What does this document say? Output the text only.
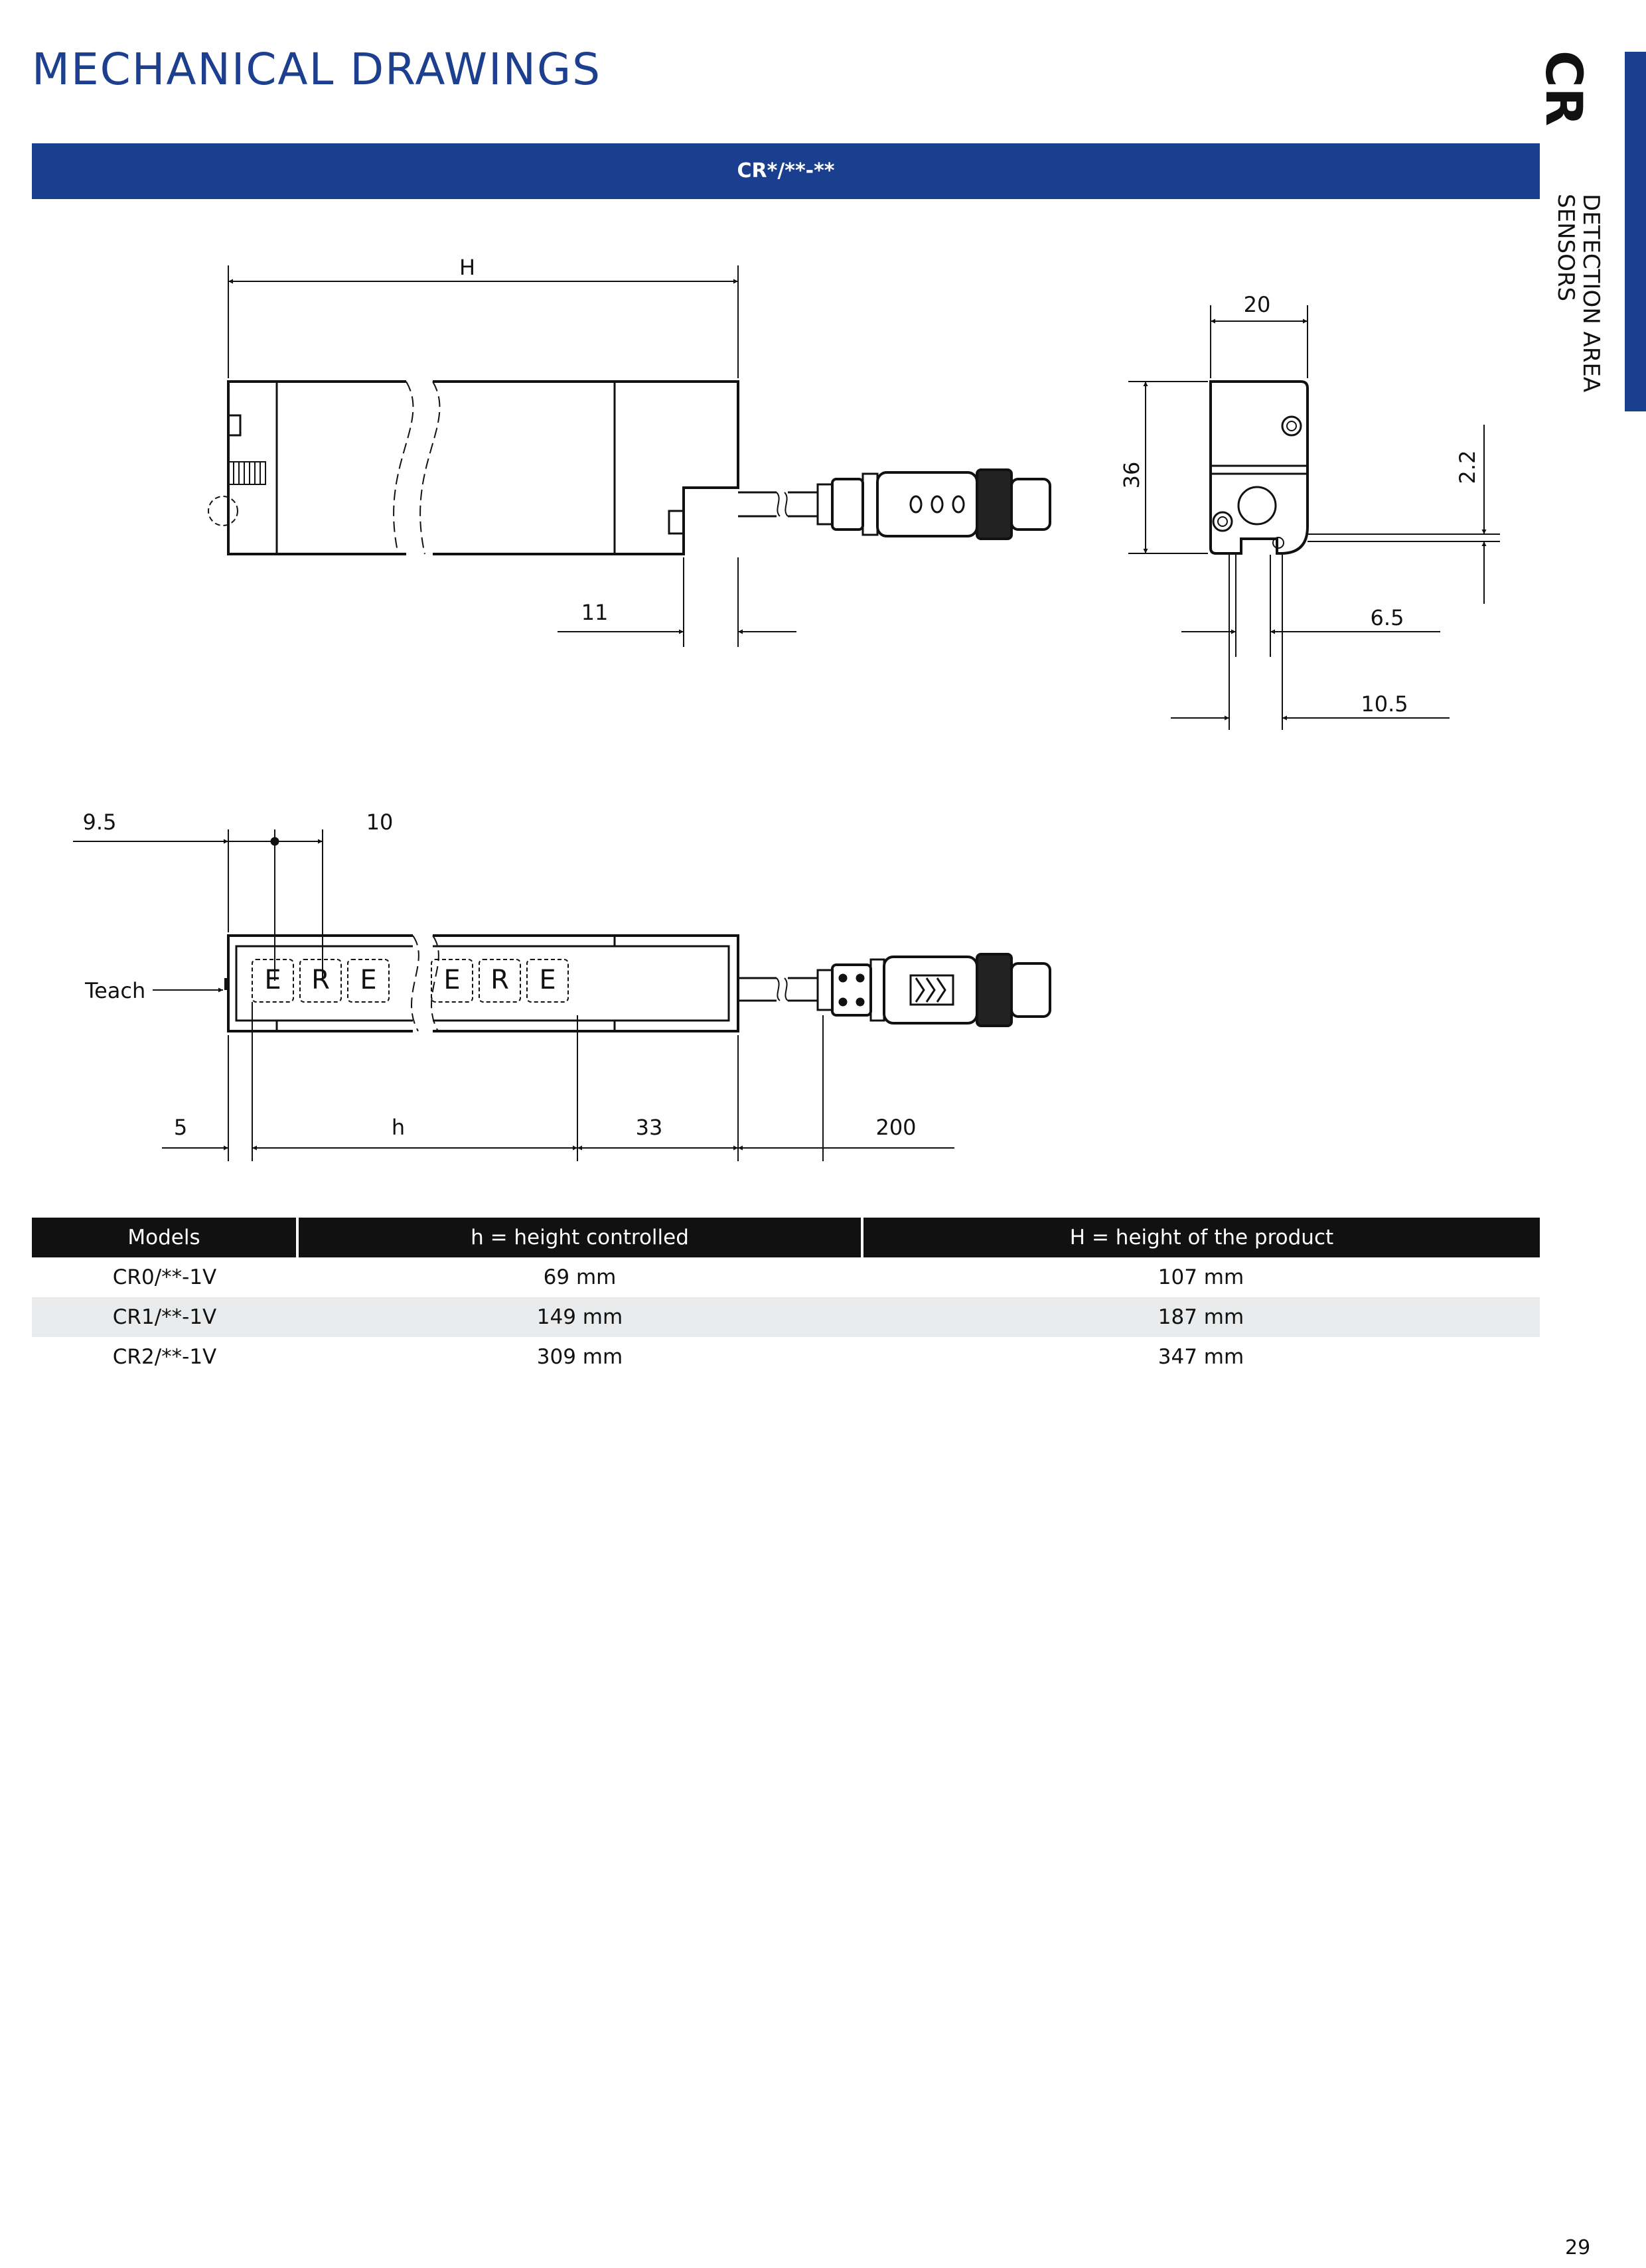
MECHANICAL DRAWINGS
CR*/**-**
CR
DETECTION AREA
SENSORS
H
11
20
36	2.2
6.5
10.5
E R E	E R E
9.5	10
Teach
5	h	33	200
Models	h = height controlled	H = height of the product
CR0/**-1V	69 mm	107 mm
CR1/**-1V	149 mm	187 mm
CR2/**-1V	309 mm	347 mm
29
